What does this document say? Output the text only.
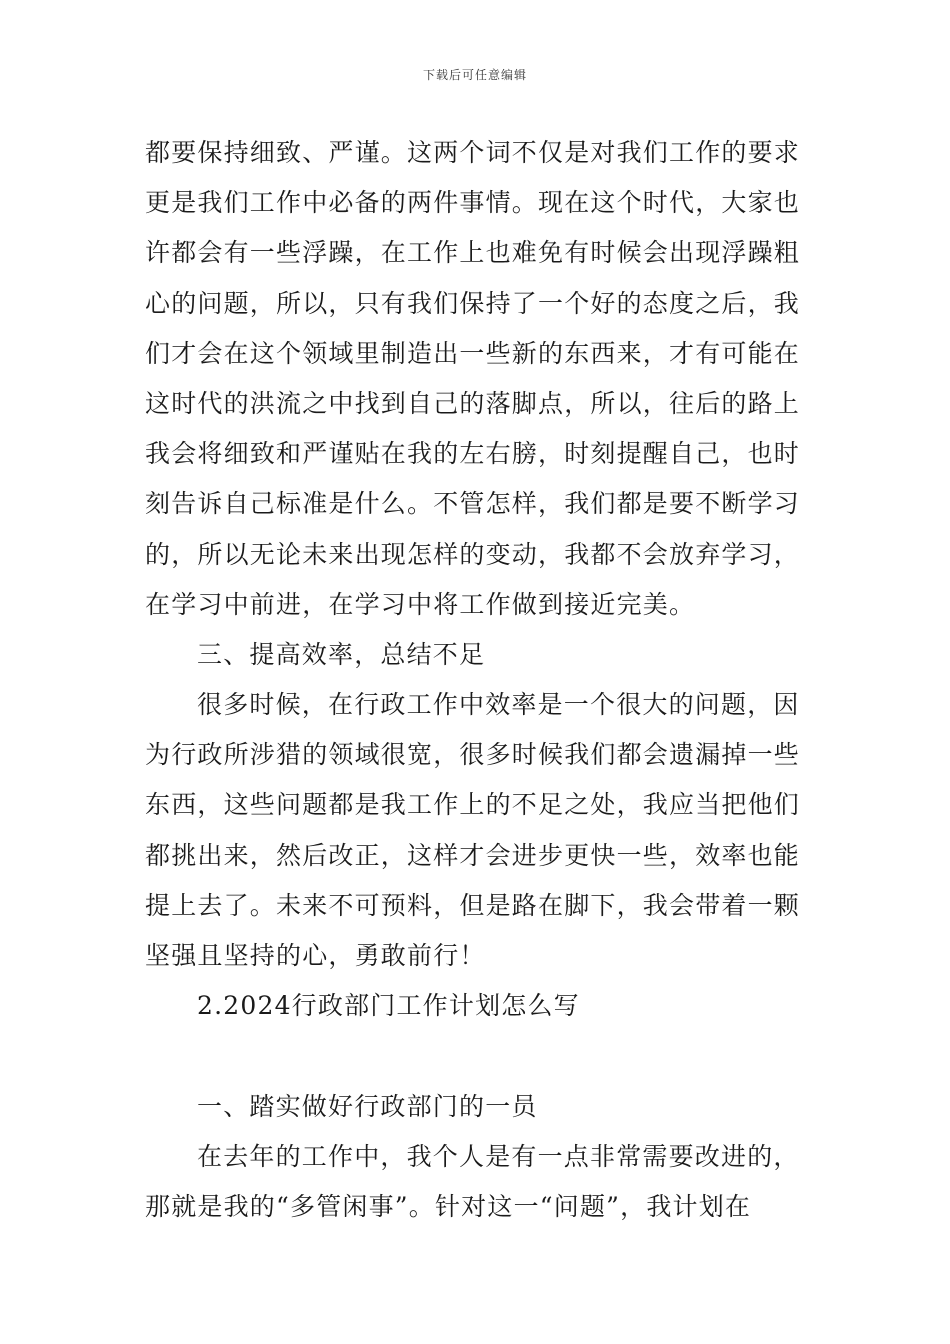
下载后可任意编辑
都要保持细致、严谨。这两个词不仅是对我们工作的要求
更是我们工作中必备的两件事情。现在这个时代，大家也
许都会有一些浮躁，在工作上也难免有时候会出现浮躁粗
心的问题，所以，只有我们保持了一个好的态度之后，我
们才会在这个领域里制造出一些新的东西来，才有可能在
这时代的洪流之中找到自己的落脚点，所以，往后的路上
我会将细致和严谨贴在我的左右膀，时刻提醒自己，也时
刻告诉自己标准是什么。不管怎样，我们都是要不断学习
的，所以无论未来出现怎样的变动，我都不会放弃学习，
在学习中前进，在学习中将工作做到接近完美。
三、提高效率，总结不足
很多时候，在行政工作中效率是一个很大的问题，因
为行政所涉猎的领域很宽，很多时候我们都会遗漏掉一些
东西，这些问题都是我工作上的不足之处，我应当把他们
都挑出来，然后改正，这样才会进步更快一些，效率也能
提上去了。未来不可预料，但是路在脚下，我会带着一颗
坚强且坚持的心，勇敢前行！
2.2024行政部门工作计划怎么写
一、踏实做好行政部门的一员
在去年的工作中，我个人是有一点非常需要改进的，
那就是我的“多管闲事”。针对这一“问题”，我计划在
